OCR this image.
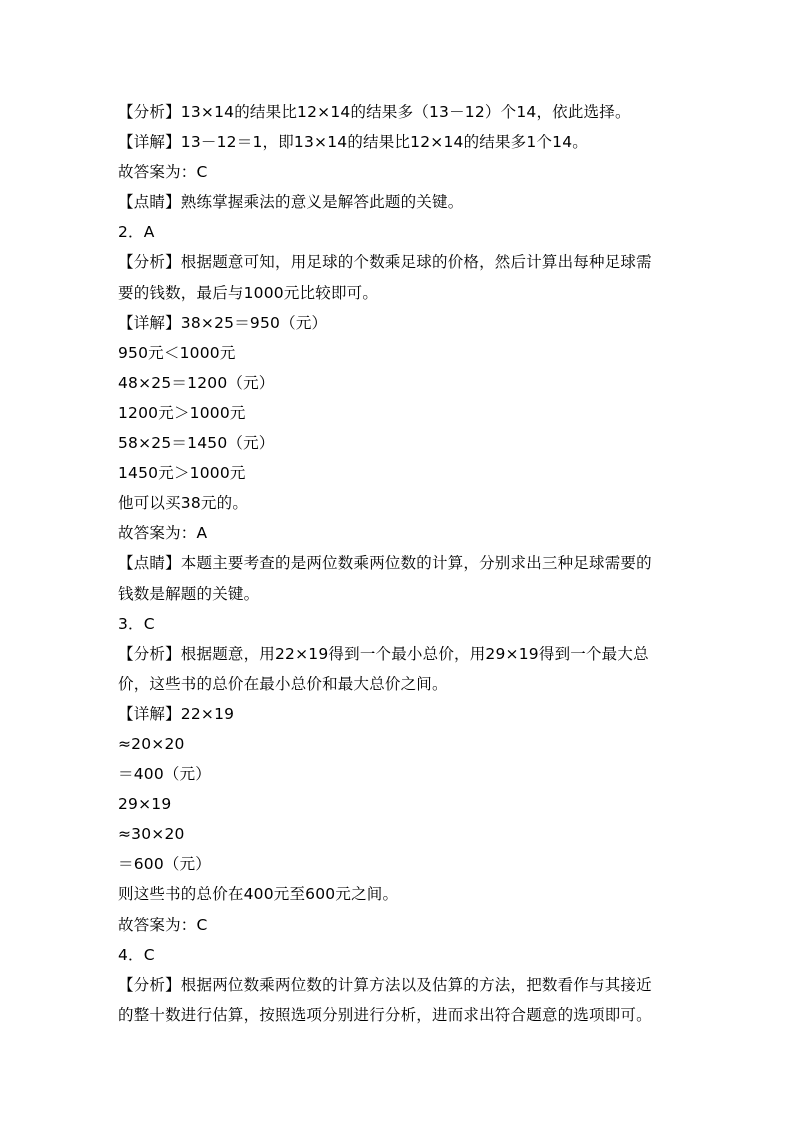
【分析】13×14的结果比12×14的结果多（13－12）个14，依此选择。
【详解】13－12＝1，即13×14的结果比12×14的结果多1个14。
故答案为：C
【点睛】熟练掌握乘法的意义是解答此题的关键。
2．A
【分析】根据题意可知，用足球的个数乘足球的价格，然后计算出每种足球需
要的钱数，最后与1000元比较即可。
【详解】38×25＝950（元）
950元＜1000元
48×25＝1200（元）
1200元＞1000元
58×25＝1450（元）
1450元＞1000元
他可以买38元的。
故答案为：A
【点睛】本题主要考查的是两位数乘两位数的计算，分别求出三种足球需要的
钱数是解题的关键。
3．C
【分析】根据题意，用22×19得到一个最小总价，用29×19得到一个最大总
价，这些书的总价在最小总价和最大总价之间。
【详解】22×19
≈20×20
＝400（元）
29×19
≈30×20
＝600（元）
则这些书的总价在400元至600元之间。
故答案为：C
4．C
【分析】根据两位数乘两位数的计算方法以及估算的方法，把数看作与其接近
的整十数进行估算，按照选项分别进行分析，进而求出符合题意的选项即可。
